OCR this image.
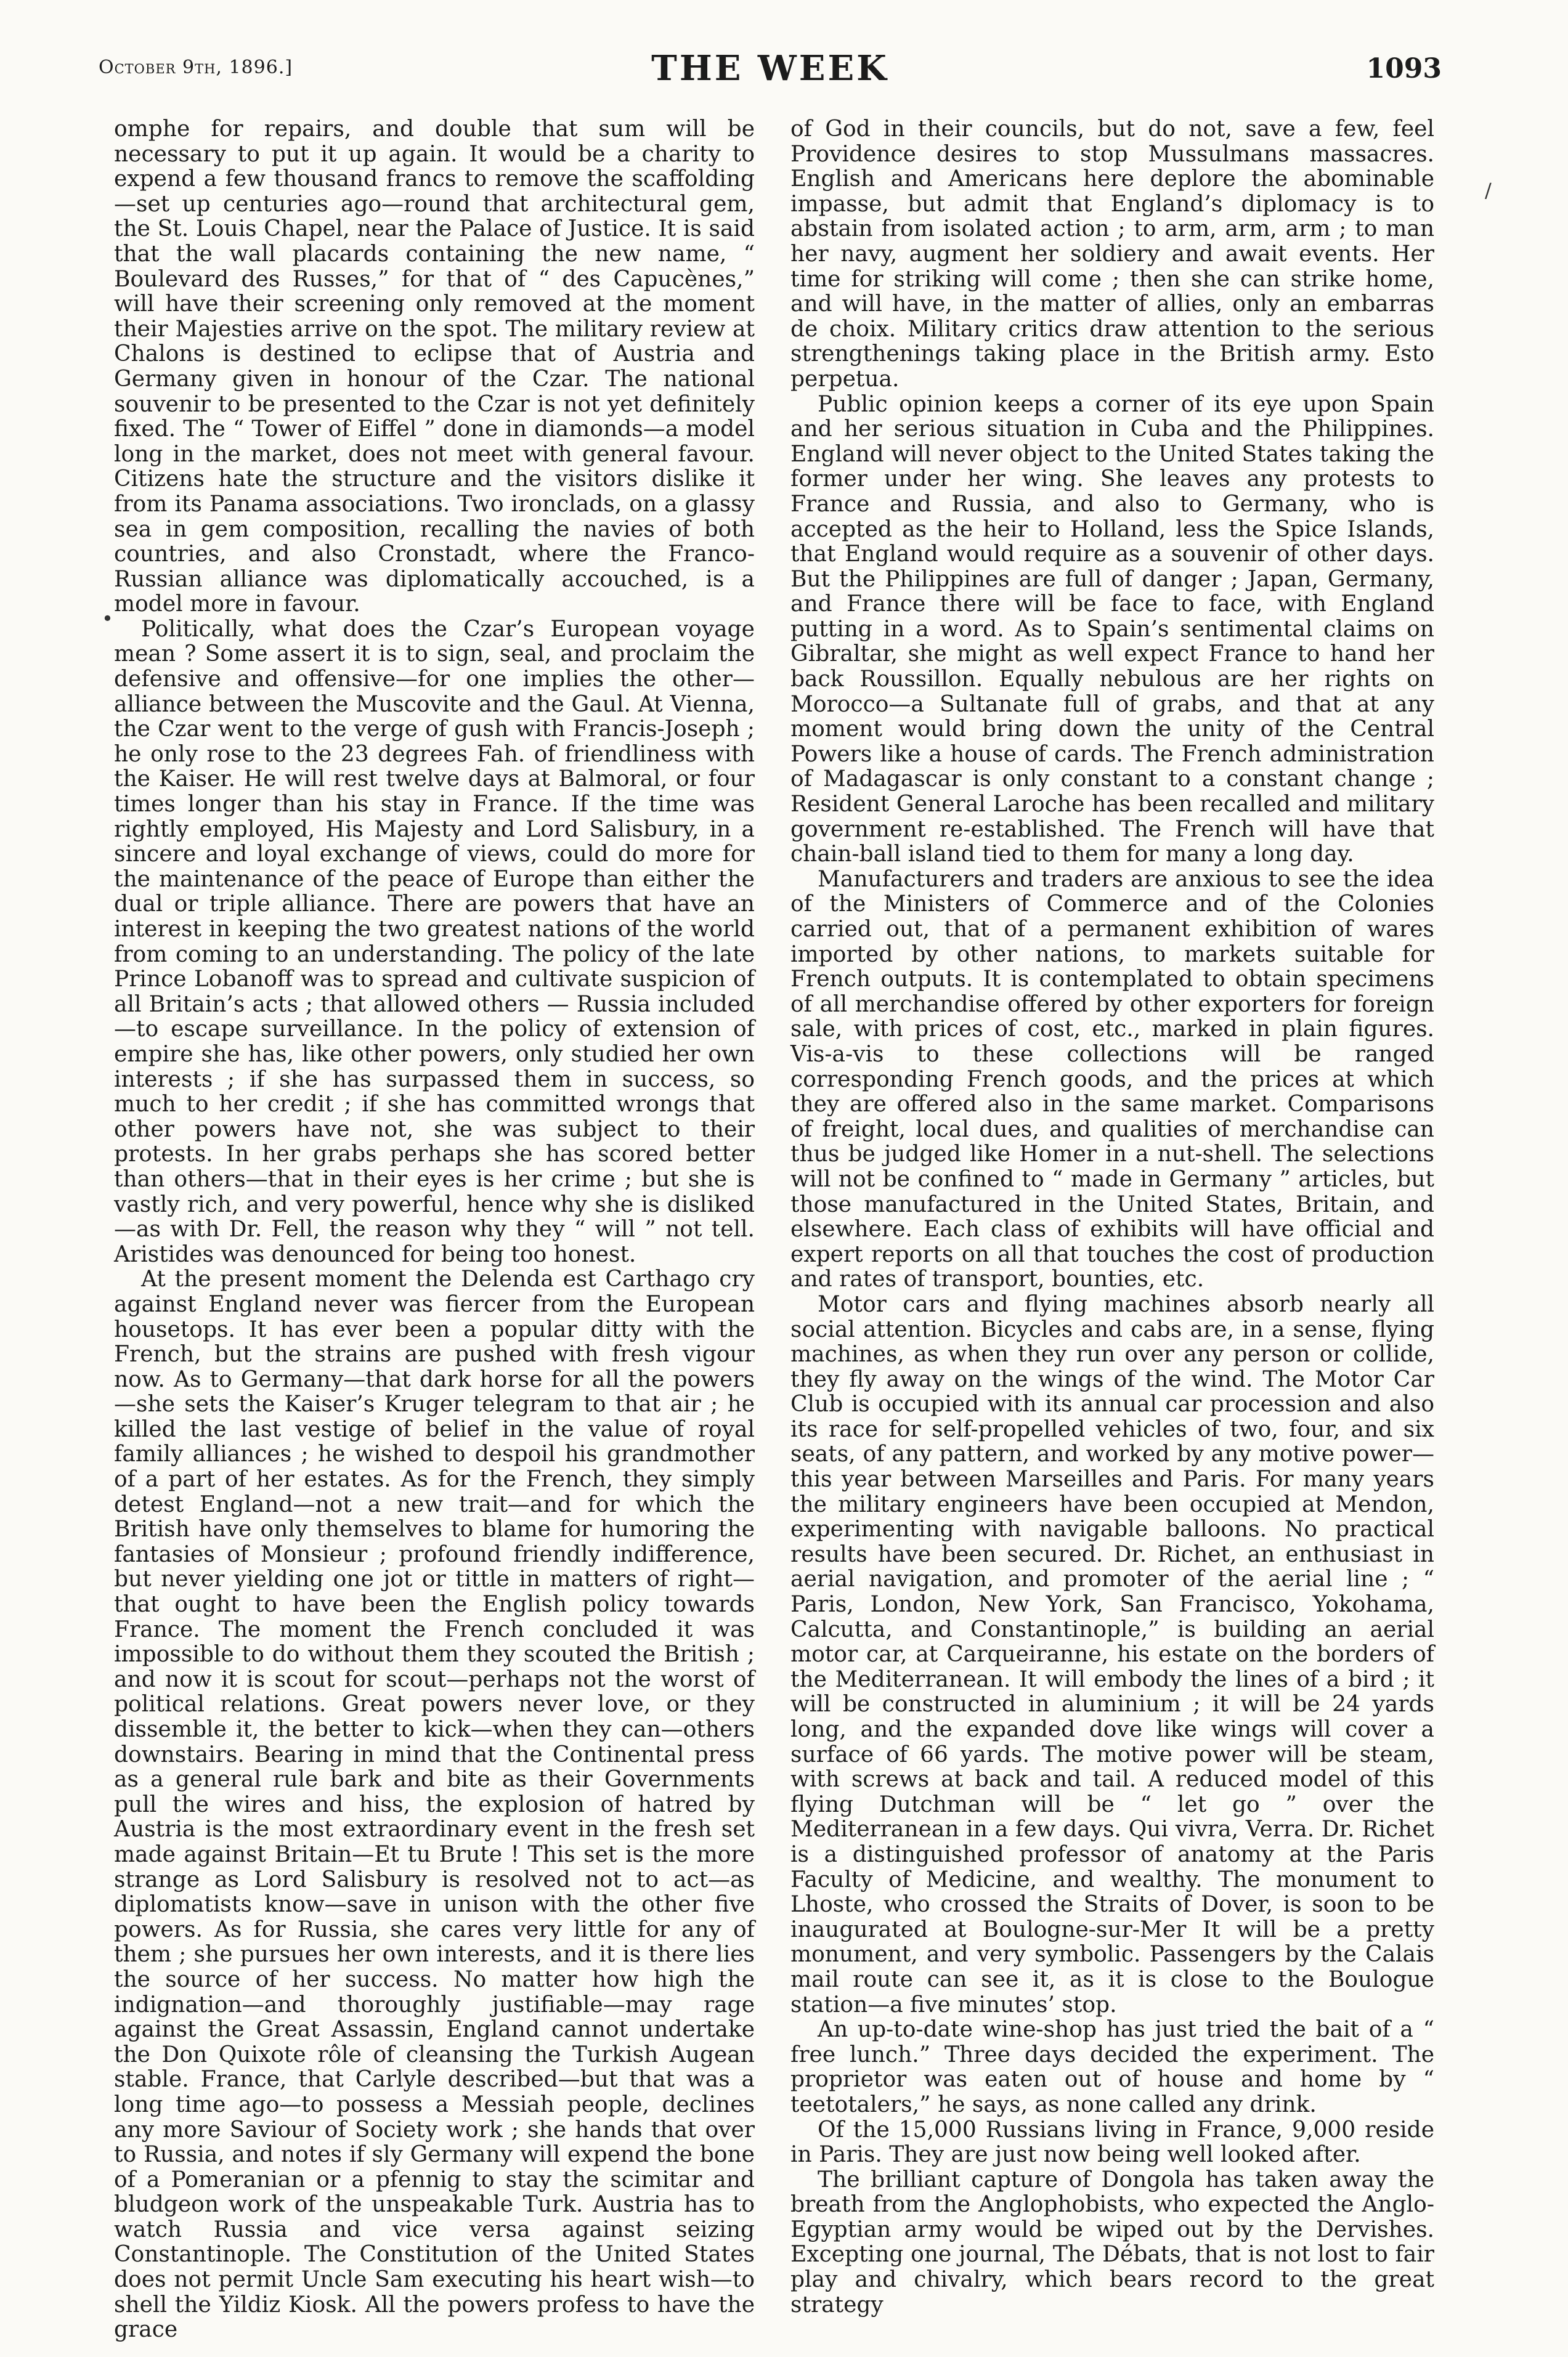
October 9th, 1896.]	THE WEEK	1093

omphe for repairs, and double that sum will be necessary to put it up again. It would be a charity to expend a few thousand francs to remove the scaffolding—set up centuries ago—round that architectural gem, the St. Louis Chapel, near the Palace of Justice. It is said that the wall placards containing the new name, “ Boulevard des Russes,” for that of “ des Capucènes,” will have their screening only removed at the moment their Majesties arrive on the spot. The military review at Chalons is destined to eclipse that of Austria and Germany given in honour of the Czar. The national souvenir to be presented to the Czar is not yet definitely fixed. The “ Tower of Eiffel ” done in diamonds—a model long in the market, does not meet with general favour. Citizens hate the structure and the visitors dislike it from its Panama associations. Two ironclads, on a glassy sea in gem composition, recalling the navies of both countries, and also Cronstadt, where the Franco-Russian alliance was diplomatically accouched, is a model more in favour.

Politically, what does the Czar’s European voyage mean ? Some assert it is to sign, seal, and proclaim the defensive and offensive—for one implies the other—alliance between the Muscovite and the Gaul. At Vienna, the Czar went to the verge of gush with Francis-Joseph ; he only rose to the 23 degrees Fah. of friendliness with the Kaiser. He will rest twelve days at Balmoral, or four times longer than his stay in France. If the time was rightly employed, His Majesty and Lord Salisbury, in a sincere and loyal exchange of views, could do more for the maintenance of the peace of Europe than either the dual or triple alliance. There are powers that have an interest in keeping the two greatest nations of the world from coming to an understanding. The policy of the late Prince Lobanoff was to spread and cultivate suspicion of all Britain’s acts ; that allowed others — Russia included—to escape surveillance. In the policy of extension of empire she has, like other powers, only studied her own interests ; if she has surpassed them in success, so much to her credit ; if she has committed wrongs that other powers have not, she was subject to their protests. In her grabs perhaps she has scored better than others—that in their eyes is her crime ; but she is vastly rich, and very powerful, hence why she is disliked—as with Dr. Fell, the reason why they “ will ” not tell. Aristides was denounced for being too honest.

At the present moment the Delenda est Carthago cry against England never was fiercer from the European housetops. It has ever been a popular ditty with the French, but the strains are pushed with fresh vigour now. As to Germany—that dark horse for all the powers—she sets the Kaiser’s Kruger telegram to that air ; he killed the last vestige of belief in the value of royal family alliances ; he wished to despoil his grandmother of a part of her estates. As for the French, they simply detest England—not a new trait—and for which the British have only themselves to blame for humoring the fantasies of Monsieur ; profound friendly indifference, but never yielding one jot or tittle in matters of right—that ought to have been the English policy towards France. The moment the French concluded it was impossible to do without them they scouted the British ; and now it is scout for scout—perhaps not the worst of political relations. Great powers never love, or they dissemble it, the better to kick—when they can—others downstairs. Bearing in mind that the Continental press as a general rule bark and bite as their Governments pull the wires and hiss, the explosion of hatred by Austria is the most extraordinary event in the fresh set made against Britain—Et tu Brute ! This set is the more strange as Lord Salisbury is resolved not to act—as diplomatists know—save in unison with the other five powers. As for Russia, she cares very little for any of them ; she pursues her own interests, and it is there lies the source of her success. No matter how high the indignation—and thoroughly justifiable—may rage against the Great Assassin, England cannot undertake the Don Quixote rôle of cleansing the Turkish Augean stable. France, that Carlyle described—but that was a long time ago—to possess a Messiah people, declines any more Saviour of Society work ; she hands that over to Russia, and notes if sly Germany will expend the bone of a Pomeranian or a pfennig to stay the scimitar and bludgeon work of the unspeakable Turk. Austria has to watch Russia and vice versa against seizing Constantinople. The Constitution of the United States does not permit Uncle Sam executing his heart wish—to shell the Yildiz Kiosk. All the powers profess to have the grace

of God in their councils, but do not, save a few, feel Providence desires to stop Mussulmans massacres. English and Americans here deplore the abominable impasse, but admit that England’s diplomacy is to abstain from isolated action ; to arm, arm, arm ; to man her navy, augment her soldiery and await events. Her time for striking will come ; then she can strike home, and will have, in the matter of allies, only an embarras de choix. Military critics draw attention to the serious strengthenings taking place in the British army. Esto perpetua.

Public opinion keeps a corner of its eye upon Spain and her serious situation in Cuba and the Philippines. England will never object to the United States taking the former under her wing. She leaves any protests to France and Russia, and also to Germany, who is accepted as the heir to Holland, less the Spice Islands, that England would require as a souvenir of other days. But the Philippines are full of danger ; Japan, Germany, and France there will be face to face, with England putting in a word. As to Spain’s sentimental claims on Gibraltar, she might as well expect France to hand her back Roussillon. Equally nebulous are her rights on Morocco—a Sultanate full of grabs, and that at any moment would bring down the unity of the Central Powers like a house of cards. The French administration of Madagascar is only constant to a constant change ; Resident General Laroche has been recalled and military government re-established. The French will have that chain-ball island tied to them for many a long day.

Manufacturers and traders are anxious to see the idea of the Ministers of Commerce and of the Colonies carried out, that of a permanent exhibition of wares imported by other nations, to markets suitable for French outputs. It is contemplated to obtain specimens of all merchandise offered by other exporters for foreign sale, with prices of cost, etc., marked in plain figures. Vis-a-vis to these collections will be ranged corresponding French goods, and the prices at which they are offered also in the same market. Comparisons of freight, local dues, and qualities of merchandise can thus be judged like Homer in a nut-shell. The selections will not be confined to “ made in Germany ” articles, but those manufactured in the United States, Britain, and elsewhere. Each class of exhibits will have official and expert reports on all that touches the cost of production and rates of transport, bounties, etc.

Motor cars and flying machines absorb nearly all social attention. Bicycles and cabs are, in a sense, flying machines, as when they run over any person or collide, they fly away on the wings of the wind. The Motor Car Club is occupied with its annual car procession and also its race for self-propelled vehicles of two, four, and six seats, of any pattern, and worked by any motive power—this year between Marseilles and Paris. For many years the military engineers have been occupied at Mendon, experimenting with navigable balloons. No practical results have been secured. Dr. Richet, an enthusiast in aerial navigation, and promoter of the aerial line ; “ Paris, London, New York, San Francisco, Yokohama, Calcutta, and Constantinople,” is building an aerial motor car, at Carqueiranne, his estate on the borders of the Mediterranean. It will embody the lines of a bird ; it will be constructed in aluminium ; it will be 24 yards long, and the expanded dove like wings will cover a surface of 66 yards. The motive power will be steam, with screws at back and tail. A reduced model of this flying Dutchman will be “ let go ” over the Mediterranean in a few days. Qui vivra, Verra. Dr. Richet is a distinguished professor of anatomy at the Paris Faculty of Medicine, and wealthy. The monument to Lhoste, who crossed the Straits of Dover, is soon to be inaugurated at Boulogne-sur-Mer It will be a pretty monument, and very symbolic. Passengers by the Calais mail route can see it, as it is close to the Boulogue station—a five minutes’ stop.

An up-to-date wine-shop has just tried the bait of a “ free lunch.” Three days decided the experiment. The proprietor was eaten out of house and home by “ teetotalers,” he says, as none called any drink.

Of the 15,000 Russians living in France, 9,000 reside in Paris. They are just now being well looked after.

The brilliant capture of Dongola has taken away the breath from the Anglophobists, who expected the Anglo-Egyptian army would be wiped out by the Dervishes. Excepting one journal, The Débats, that is not lost to fair play and chivalry, which bears record to the great strategy

/
•
